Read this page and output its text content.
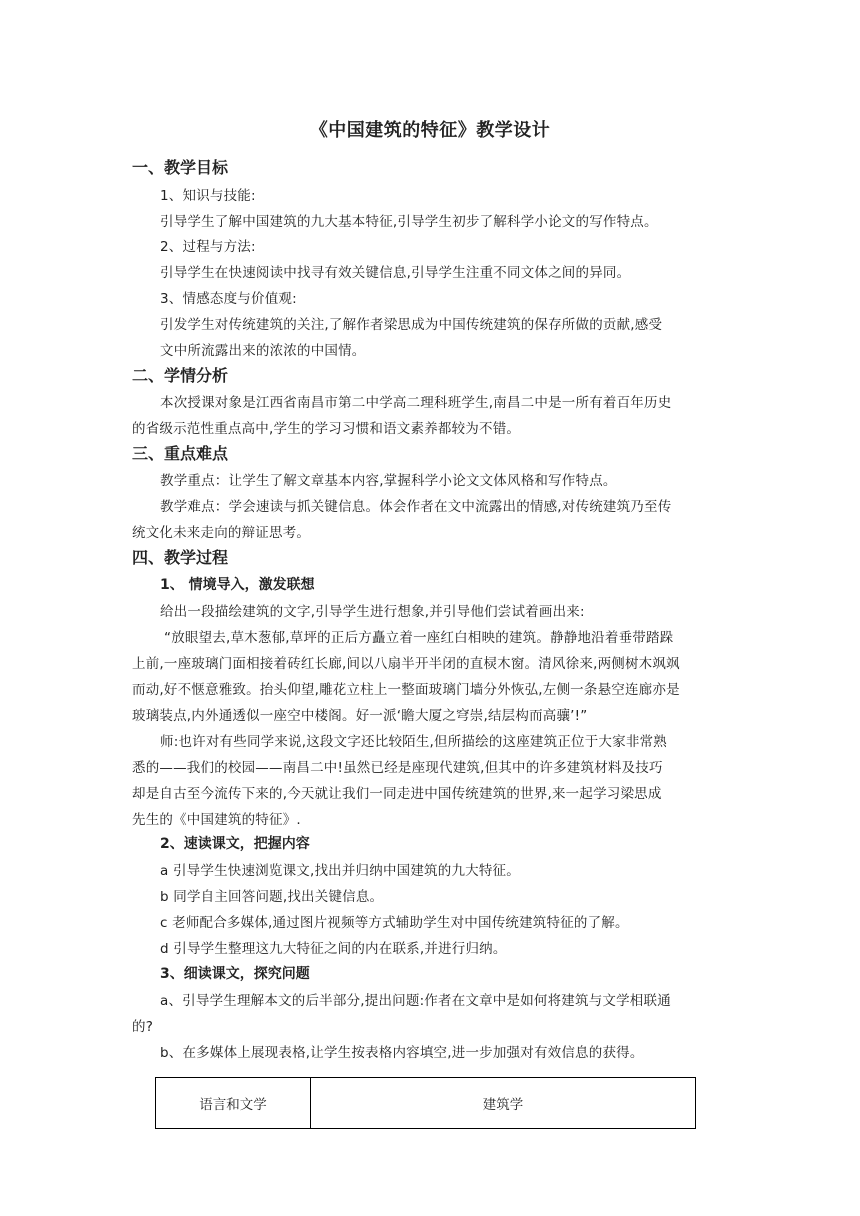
《中国建筑的特征》教学设计
一、教学目标
1、知识与技能:
引导学生了解中国建筑的九大基本特征,引导学生初步了解科学小论文的写作特点。
2、过程与方法:
引导学生在快速阅读中找寻有效关键信息,引导学生注重不同文体之间的异同。
3、情感态度与价值观:
引发学生对传统建筑的关注,了解作者梁思成为中国传统建筑的保存所做的贡献,感受
文中所流露出来的浓浓的中国情。
二、学情分析
本次授课对象是江西省南昌市第二中学高二理科班学生,南昌二中是一所有着百年历史
的省级示范性重点高中,学生的学习习惯和语文素养都较为不错。
三、重点难点
教学重点：让学生了解文章基本内容,掌握科学小论文文体风格和写作特点。
教学难点：学会速读与抓关键信息。体会作者在文中流露出的情感,对传统建筑乃至传
统文化未来走向的辩证思考。
四、教学过程
1、 情境导入，激发联想
给出一段描绘建筑的文字,引导学生进行想象,并引导他们尝试着画出来:
“放眼望去,草木葱郁,草坪的正后方矗立着一座红白相映的建筑。静静地沿着垂带踏跺
上前,一座玻璃门面相接着砖红长廊,间以八扇半开半闭的直棂木窗。清风徐来,两侧树木飒飒
而动,好不惬意雅致。抬头仰望,雕花立柱上一整面玻璃门墙分外恢弘,左侧一条悬空连廊亦是
玻璃装点,内外通透似一座空中楼阁。好一派‘瞻大厦之穹崇,结层构而高骧’!”
师:也许对有些同学来说,这段文字还比较陌生,但所描绘的这座建筑正位于大家非常熟
悉的——我们的校园——南昌二中!虽然已经是座现代建筑,但其中的许多建筑材料及技巧
却是自古至今流传下来的,今天就让我们一同走进中国传统建筑的世界,来一起学习梁思成
先生的《中国建筑的特征》.
2、速读课文，把握内容
a 引导学生快速浏览课文,找出并归纳中国建筑的九大特征。
b 同学自主回答问题,找出关键信息。
c 老师配合多媒体,通过图片视频等方式辅助学生对中国传统建筑特征的了解。
d 引导学生整理这九大特征之间的内在联系,并进行归纳。
3、细读课文，探究问题
a、引导学生理解本文的后半部分,提出问题:作者在文章中是如何将建筑与文学相联通
的?
b、在多媒体上展现表格,让学生按表格内容填空,进一步加强对有效信息的获得。
语言和文学	建筑学
